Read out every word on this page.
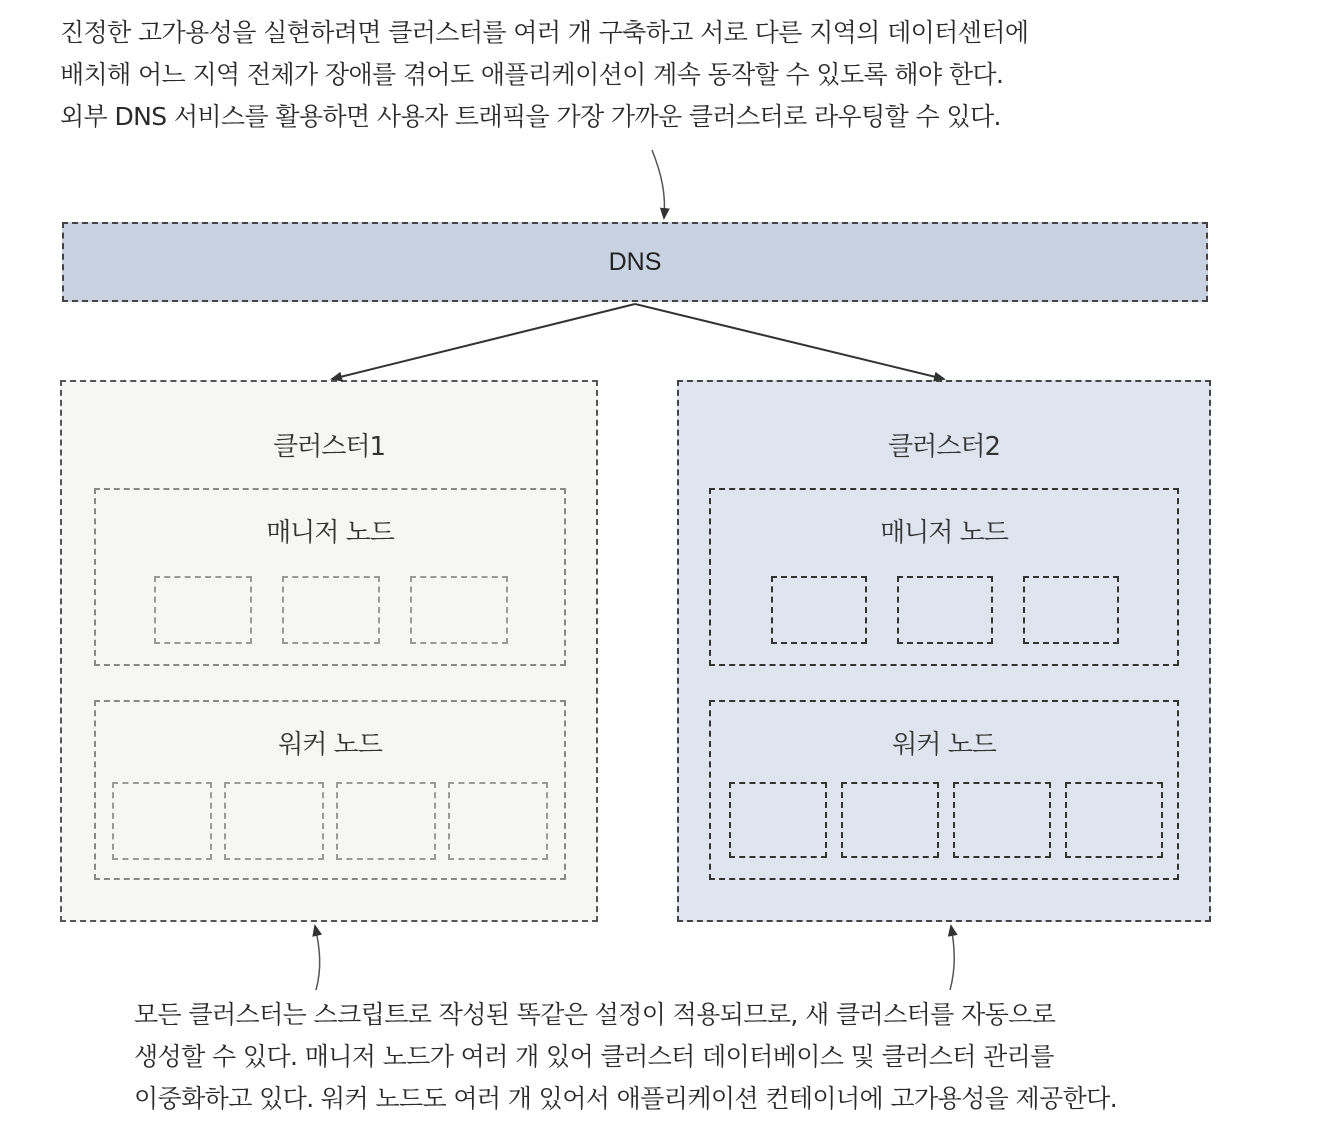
진정한 고가용성을 실현하려면 클러스터를 여러 개 구축하고 서로 다른 지역의 데이터센터에
배치해 어느 지역 전체가 장애를 겪어도 애플리케이션이 계속 동작할 수 있도록 해야 한다.
외부 DNS 서비스를 활용하면 사용자 트래픽을 가장 가까운 클러스터로 라우팅할 수 있다.
DNS
클러스터1
매니저 노드
워커 노드
클러스터2
매니저 노드
워커 노드
모든 클러스터는 스크립트로 작성된 똑같은 설정이 적용되므로, 새 클러스터를 자동으로
생성할 수 있다. 매니저 노드가 여러 개 있어 클러스터 데이터베이스 및 클러스터 관리를
이중화하고 있다. 워커 노드도 여러 개 있어서 애플리케이션 컨테이너에 고가용성을 제공한다.
